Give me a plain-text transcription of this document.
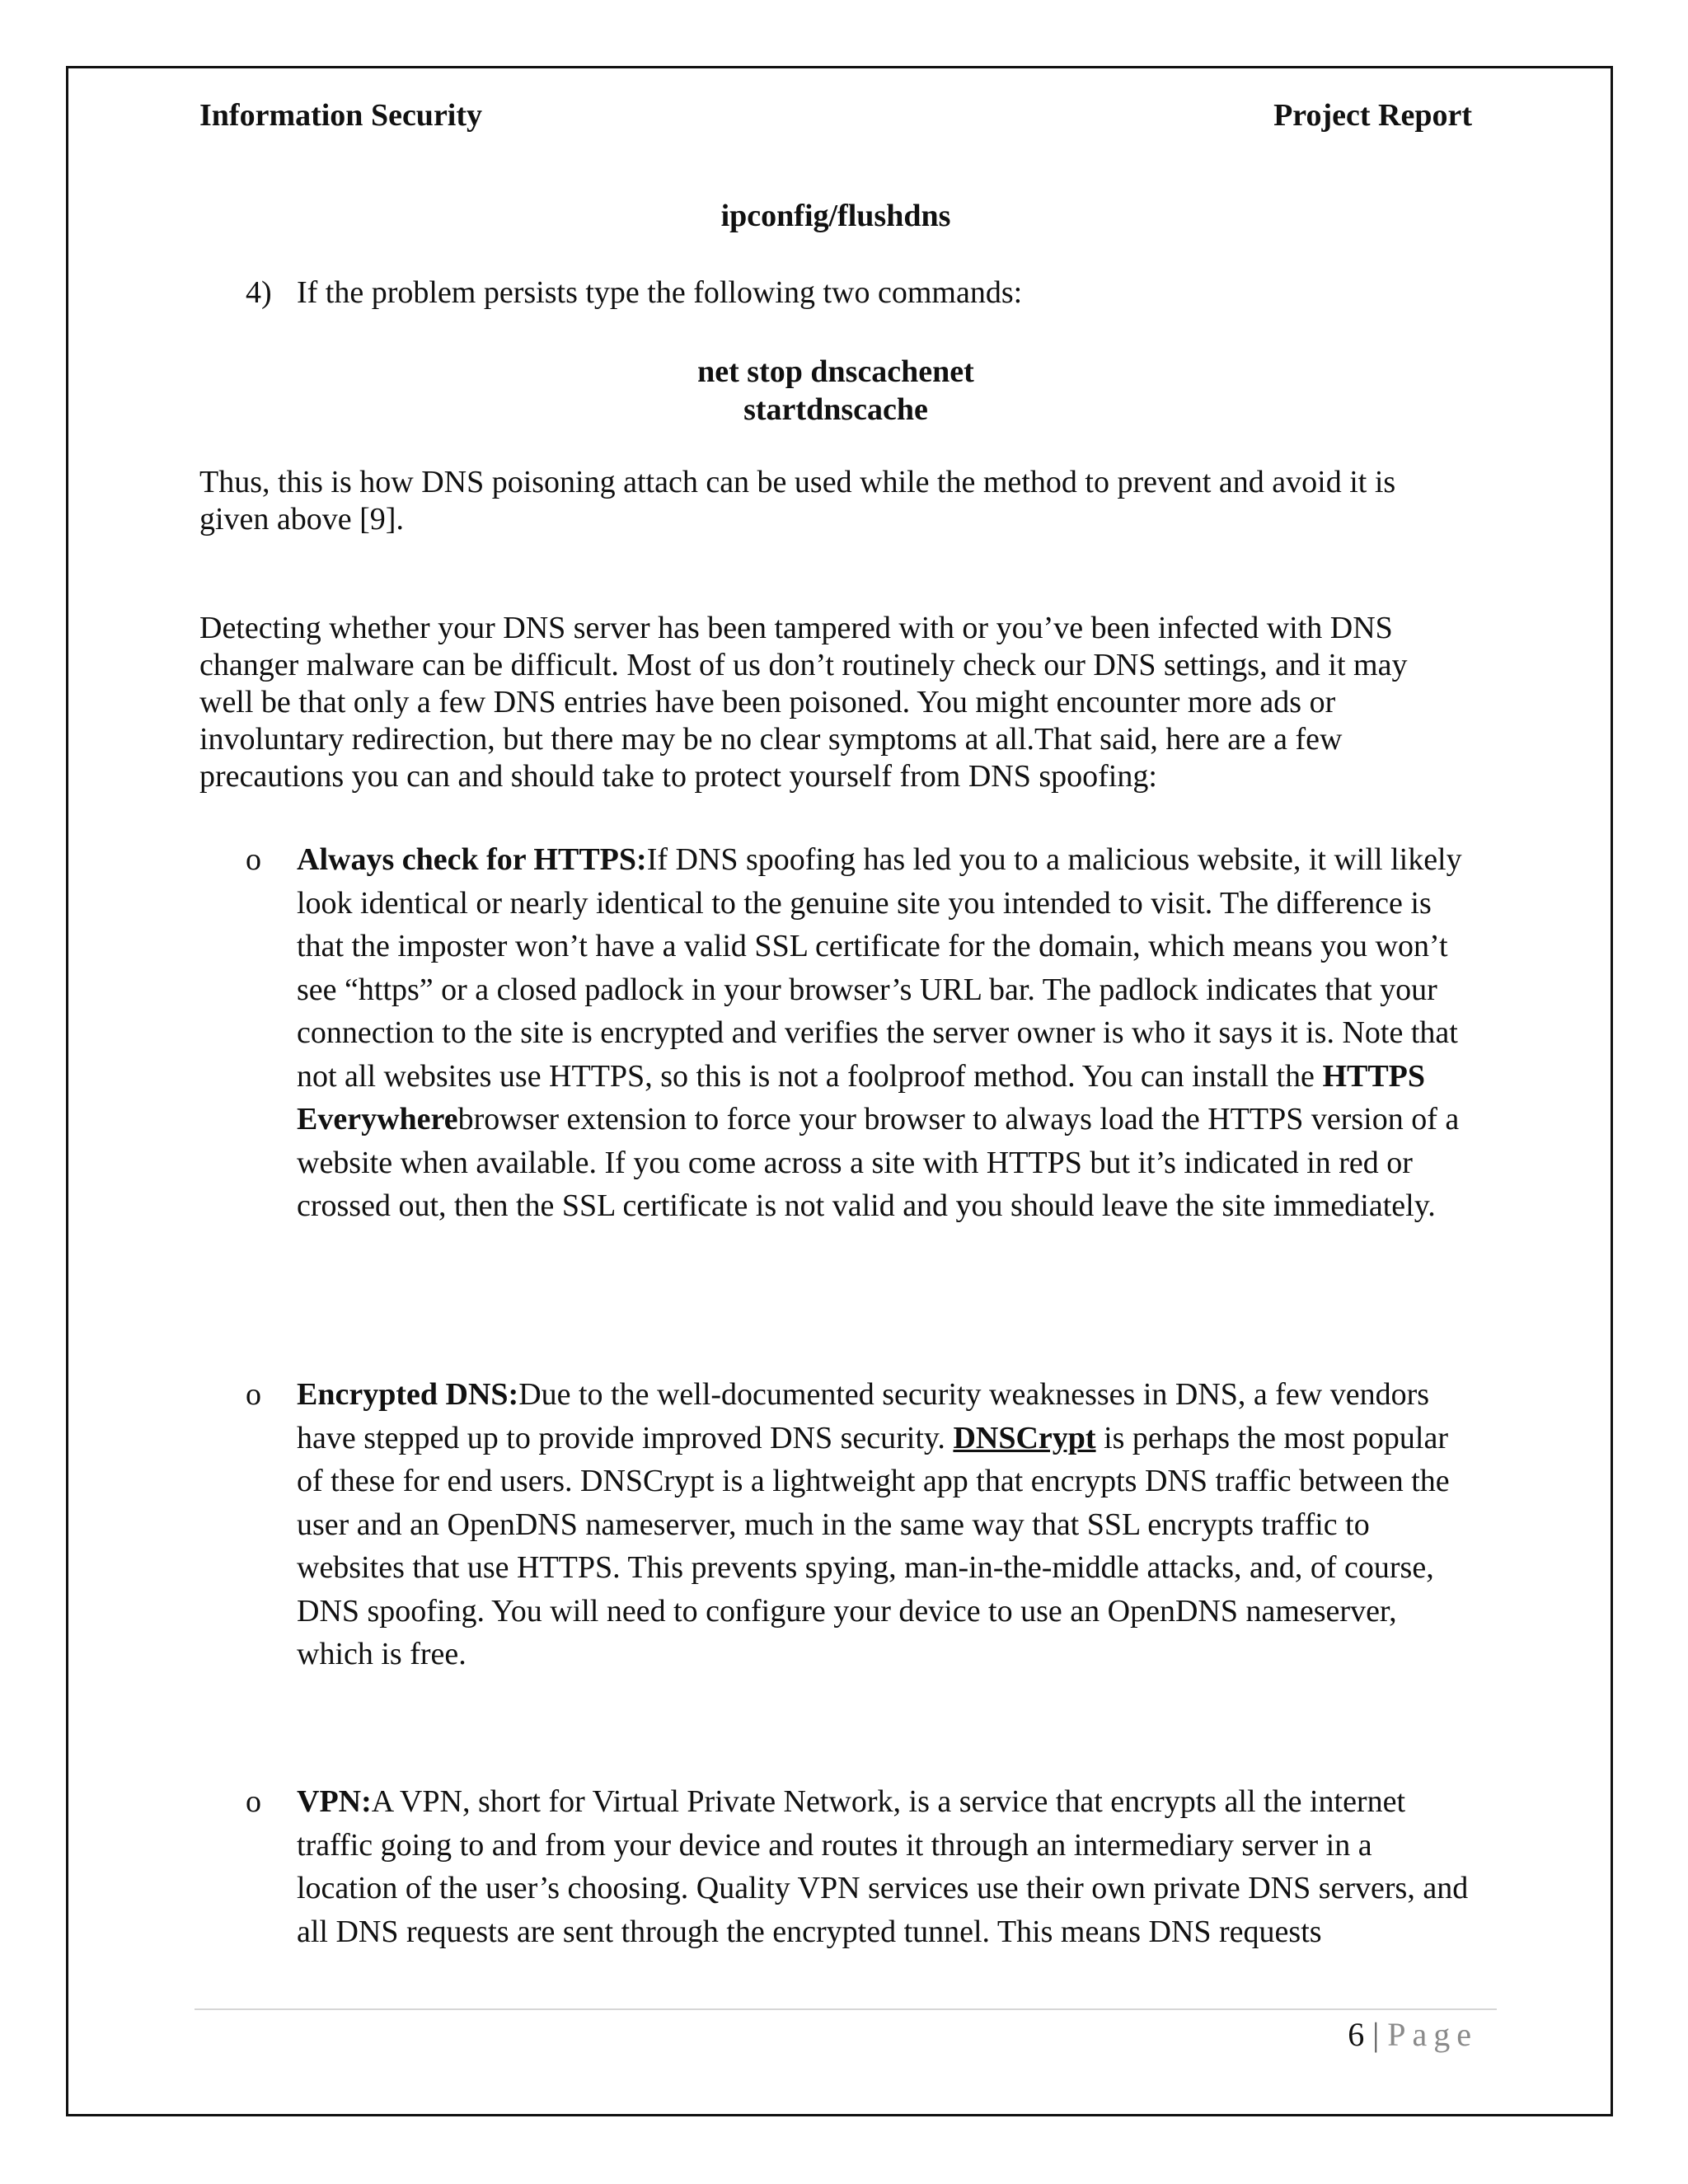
Information Security	Project Report
ipconfig/flushdns
4) If the problem persists type the following two commands:
net stop dnscachenet
startdnscache
Thus, this is how DNS poisoning attach can be used while the method to prevent and avoid it is given above [9].
Detecting whether your DNS server has been tampered with or you’ve been infected with DNS changer malware can be difficult. Most of us don’t routinely check our DNS settings, and it may well be that only a few DNS entries have been poisoned. You might encounter more ads or involuntary redirection, but there may be no clear symptoms at all.That said, here are a few precautions you can and should take to protect yourself from DNS spoofing:
o	Always check for HTTPS:If DNS spoofing has led you to a malicious website, it will likely look identical or nearly identical to the genuine site you intended to visit. The difference is that the imposter won’t have a valid SSL certificate for the domain, which means you won’t see “https” or a closed padlock in your browser’s URL bar. The padlock indicates that your connection to the site is encrypted and verifies the server owner is who it says it is. Note that not all websites use HTTPS, so this is not a foolproof method. You can install the HTTPS Everywherebrowser extension to force your browser to always load the HTTPS version of a website when available. If you come across a site with HTTPS but it’s indicated in red or crossed out, then the SSL certificate is not valid and you should leave the site immediately.
o	Encrypted DNS:Due to the well-documented security weaknesses in DNS, a few vendors have stepped up to provide improved DNS security. DNSCrypt is perhaps the most popular of these for end users. DNSCrypt is a lightweight app that encrypts DNS traffic between the user and an OpenDNS nameserver, much in the same way that SSL encrypts traffic to websites that use HTTPS. This prevents spying, man-in-the-middle attacks, and, of course, DNS spoofing. You will need to configure your device to use an OpenDNS nameserver, which is free.
o	VPN:A VPN, short for Virtual Private Network, is a service that encrypts all the internet traffic going to and from your device and routes it through an intermediary server in a location of the user’s choosing. Quality VPN services use their own private DNS servers, and all DNS requests are sent through the encrypted tunnel. This means DNS requests
6 | Page
